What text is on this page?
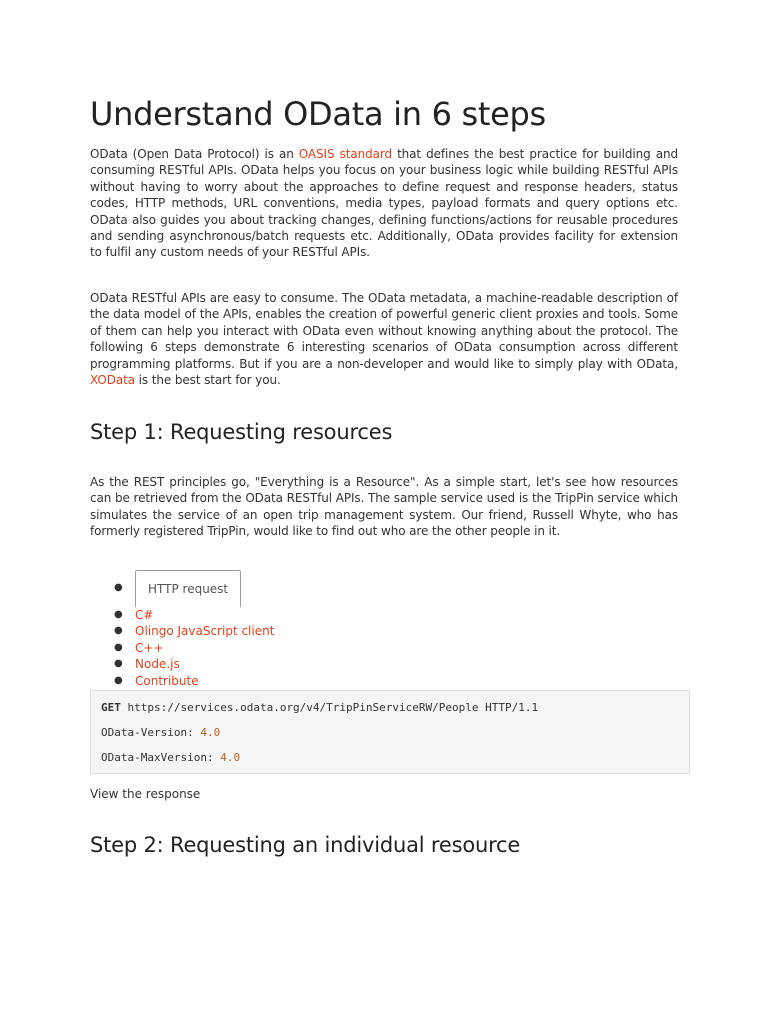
Understand OData in 6 steps

OData (Open Data Protocol) is an OASIS standard that defines the best practice for building and consuming RESTful APIs. OData helps you focus on your business logic while building RESTful APIs without having to worry about the approaches to define request and response headers, status codes, HTTP methods, URL conventions, media types, payload formats and query options etc. OData also guides you about tracking changes, defining functions/actions for reusable procedures and sending asynchronous/batch requests etc. Additionally, OData provides facility for extension to fulfil any custom needs of your RESTful APIs.

OData RESTful APIs are easy to consume. The OData metadata, a machine-readable description of the data model of the APIs, enables the creation of powerful generic client proxies and tools. Some of them can help you interact with OData even without knowing anything about the protocol. The following 6 steps demonstrate 6 interesting scenarios of OData consumption across different programming platforms. But if you are a non-developer and would like to simply play with OData, XOData is the best start for you.

Step 1: Requesting resources

As the REST principles go, "Everything is a Resource". As a simple start, let's see how resources can be retrieved from the OData RESTful APIs. The sample service used is the TripPin service which simulates the service of an open trip management system. Our friend, Russell Whyte, who has formerly registered TripPin, would like to find out who are the other people in it.

●	HTTP request
● C#
● Olingo JavaScript client
● C++
● Node.js
● Contribute
GET https://services.odata.org/v4/TripPinServiceRW/People HTTP/1.1
OData-Version: 4.0
OData-MaxVersion: 4.0
View the response
Step 2: Requesting an individual resource
